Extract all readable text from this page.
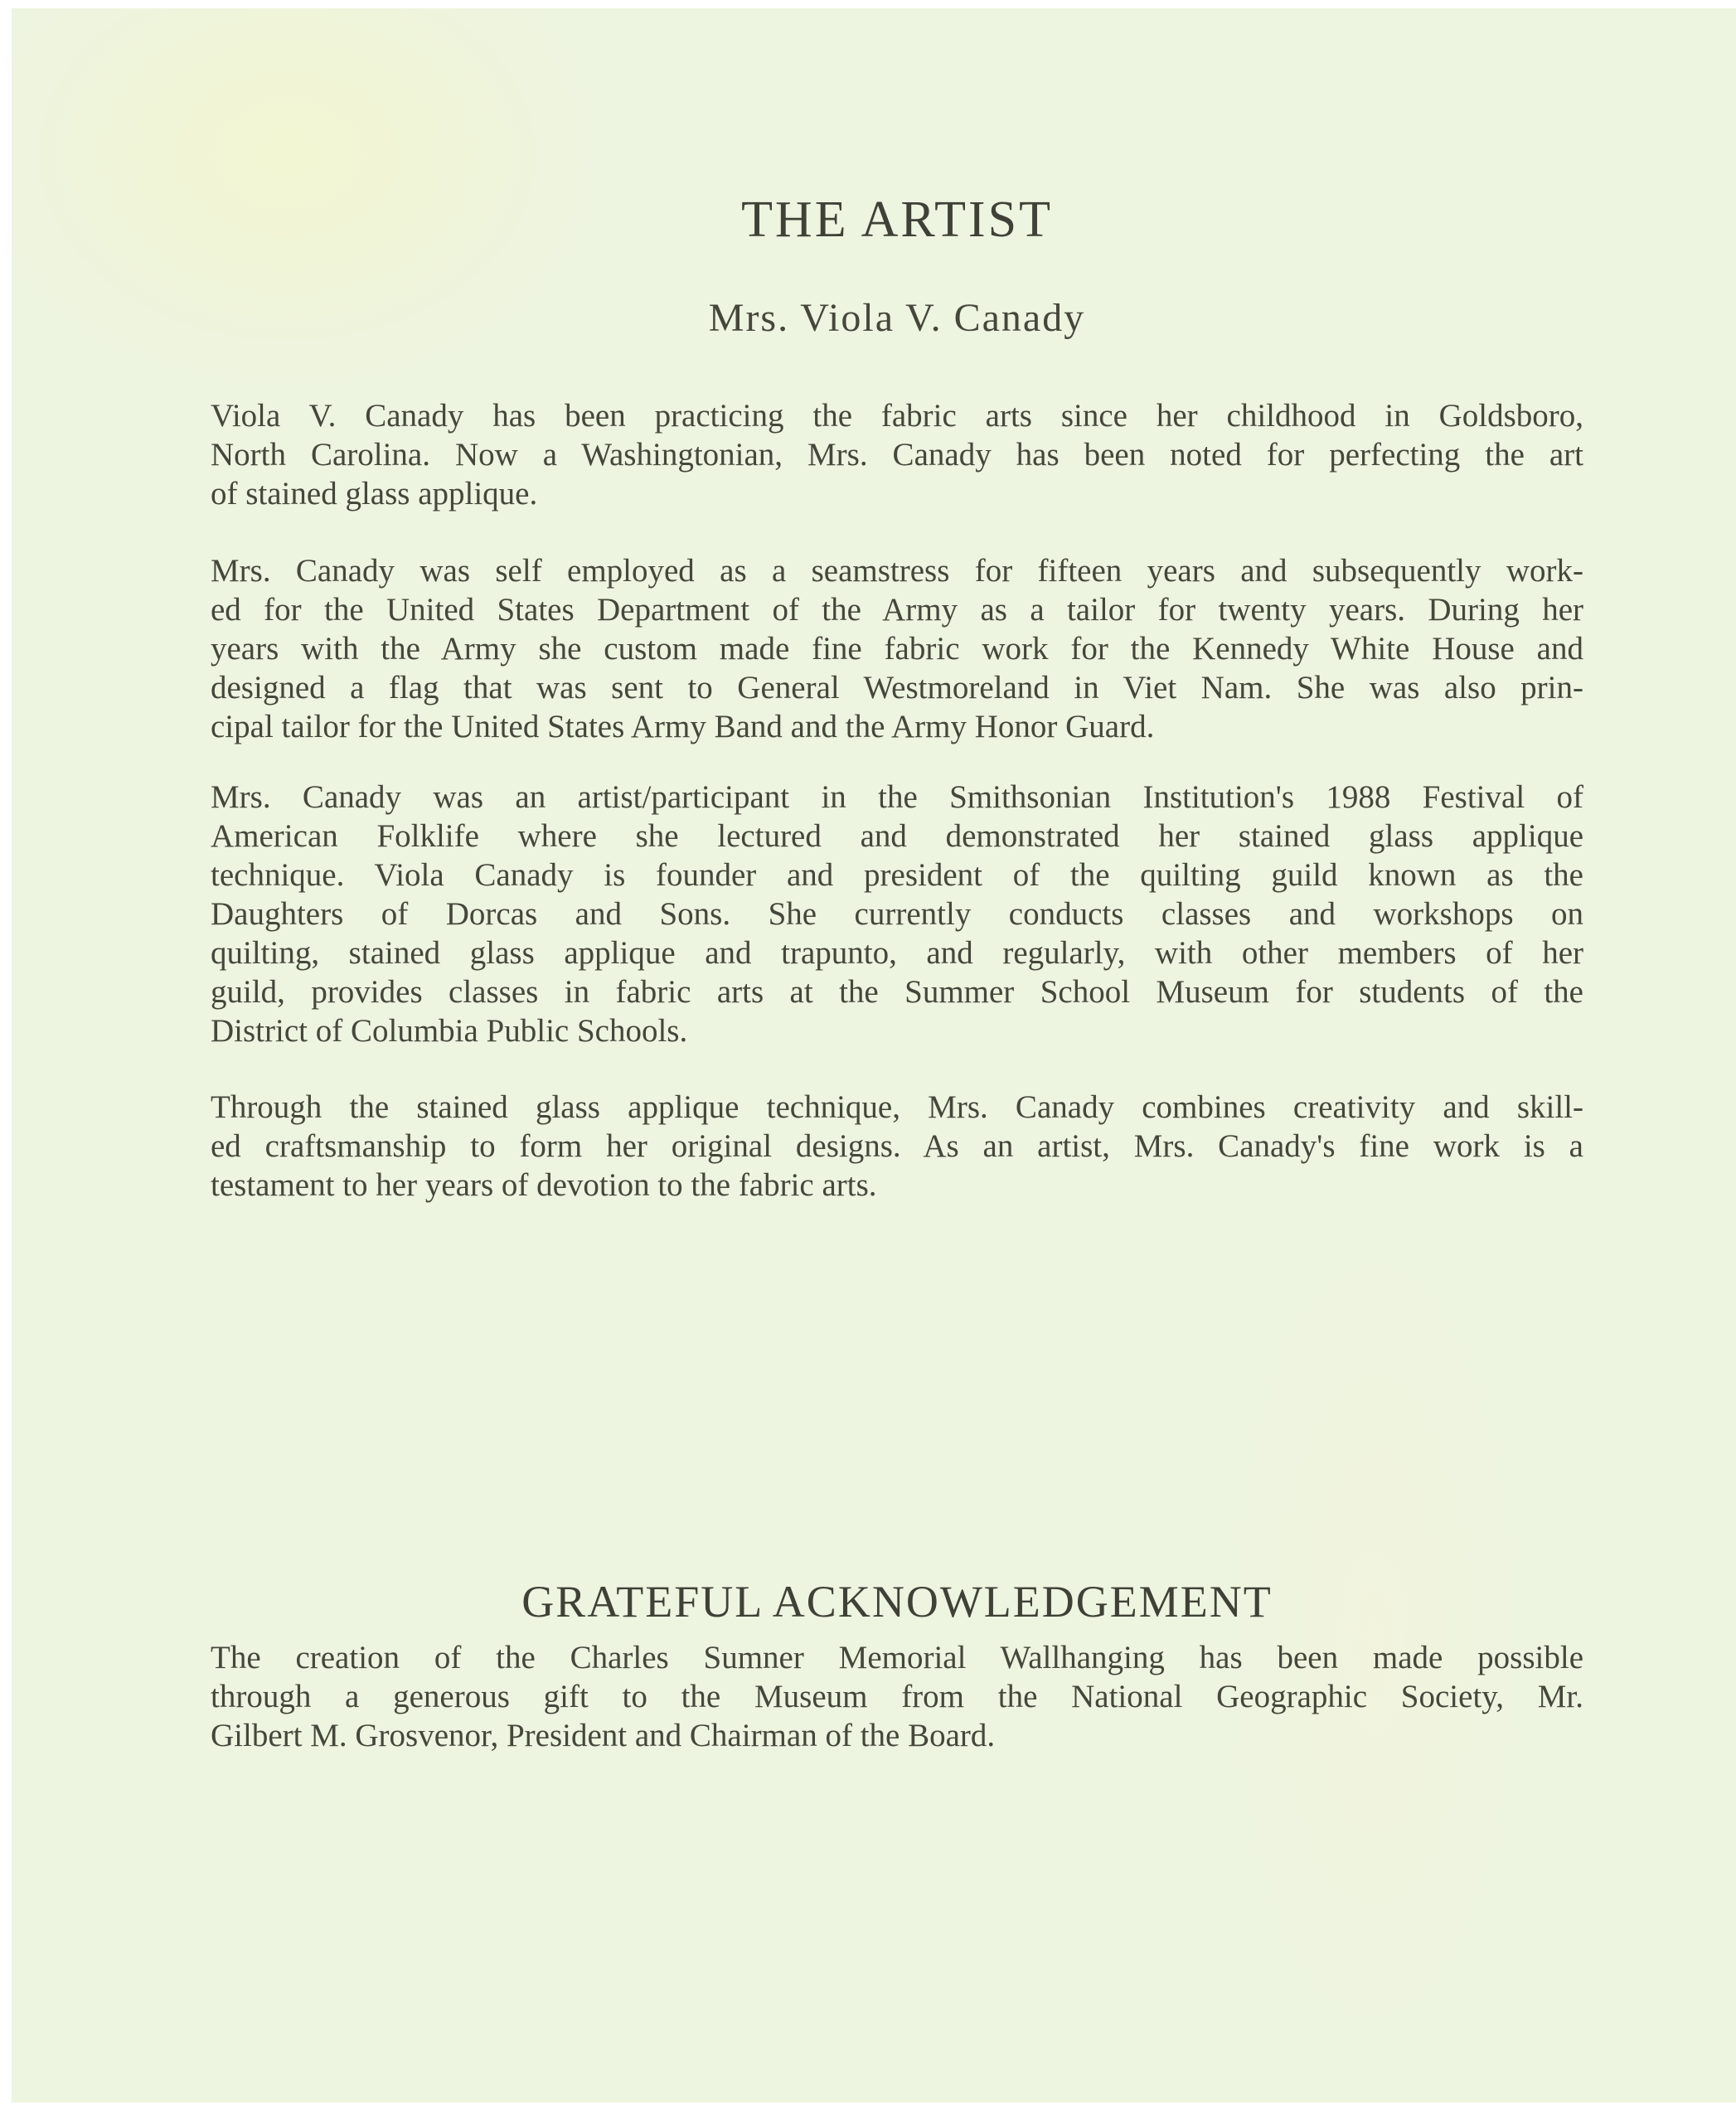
THE ARTIST
Mrs. Viola V. Canady
Viola V. Canady has been practicing the fabric arts since her childhood in Goldsboro,
North Carolina. Now a Washingtonian, Mrs. Canady has been noted for perfecting the art
of stained glass applique.
Mrs. Canady was self employed as a seamstress for fifteen years and subsequently work-
ed for the United States Department of the Army as a tailor for twenty years. During her
years with the Army she custom made fine fabric work for the Kennedy White House and
designed a flag that was sent to General Westmoreland in Viet Nam. She was also prin-
cipal tailor for the United States Army Band and the Army Honor Guard.
Mrs. Canady was an artist/participant in the Smithsonian Institution's 1988 Festival of
American Folklife where she lectured and demonstrated her stained glass applique
technique. Viola Canady is founder and president of the quilting guild known as the
Daughters of Dorcas and Sons. She currently conducts classes and workshops on
quilting, stained glass applique and trapunto, and regularly, with other members of her
guild, provides classes in fabric arts at the Summer School Museum for students of the
District of Columbia Public Schools.
Through the stained glass applique technique, Mrs. Canady combines creativity and skill-
ed craftsmanship to form her original designs. As an artist, Mrs. Canady's fine work is a
testament to her years of devotion to the fabric arts.
GRATEFUL ACKNOWLEDGEMENT
The creation of the Charles Sumner Memorial Wallhanging has been made possible
through a generous gift to the Museum from the National Geographic Society, Mr.
Gilbert M. Grosvenor, President and Chairman of the Board.
